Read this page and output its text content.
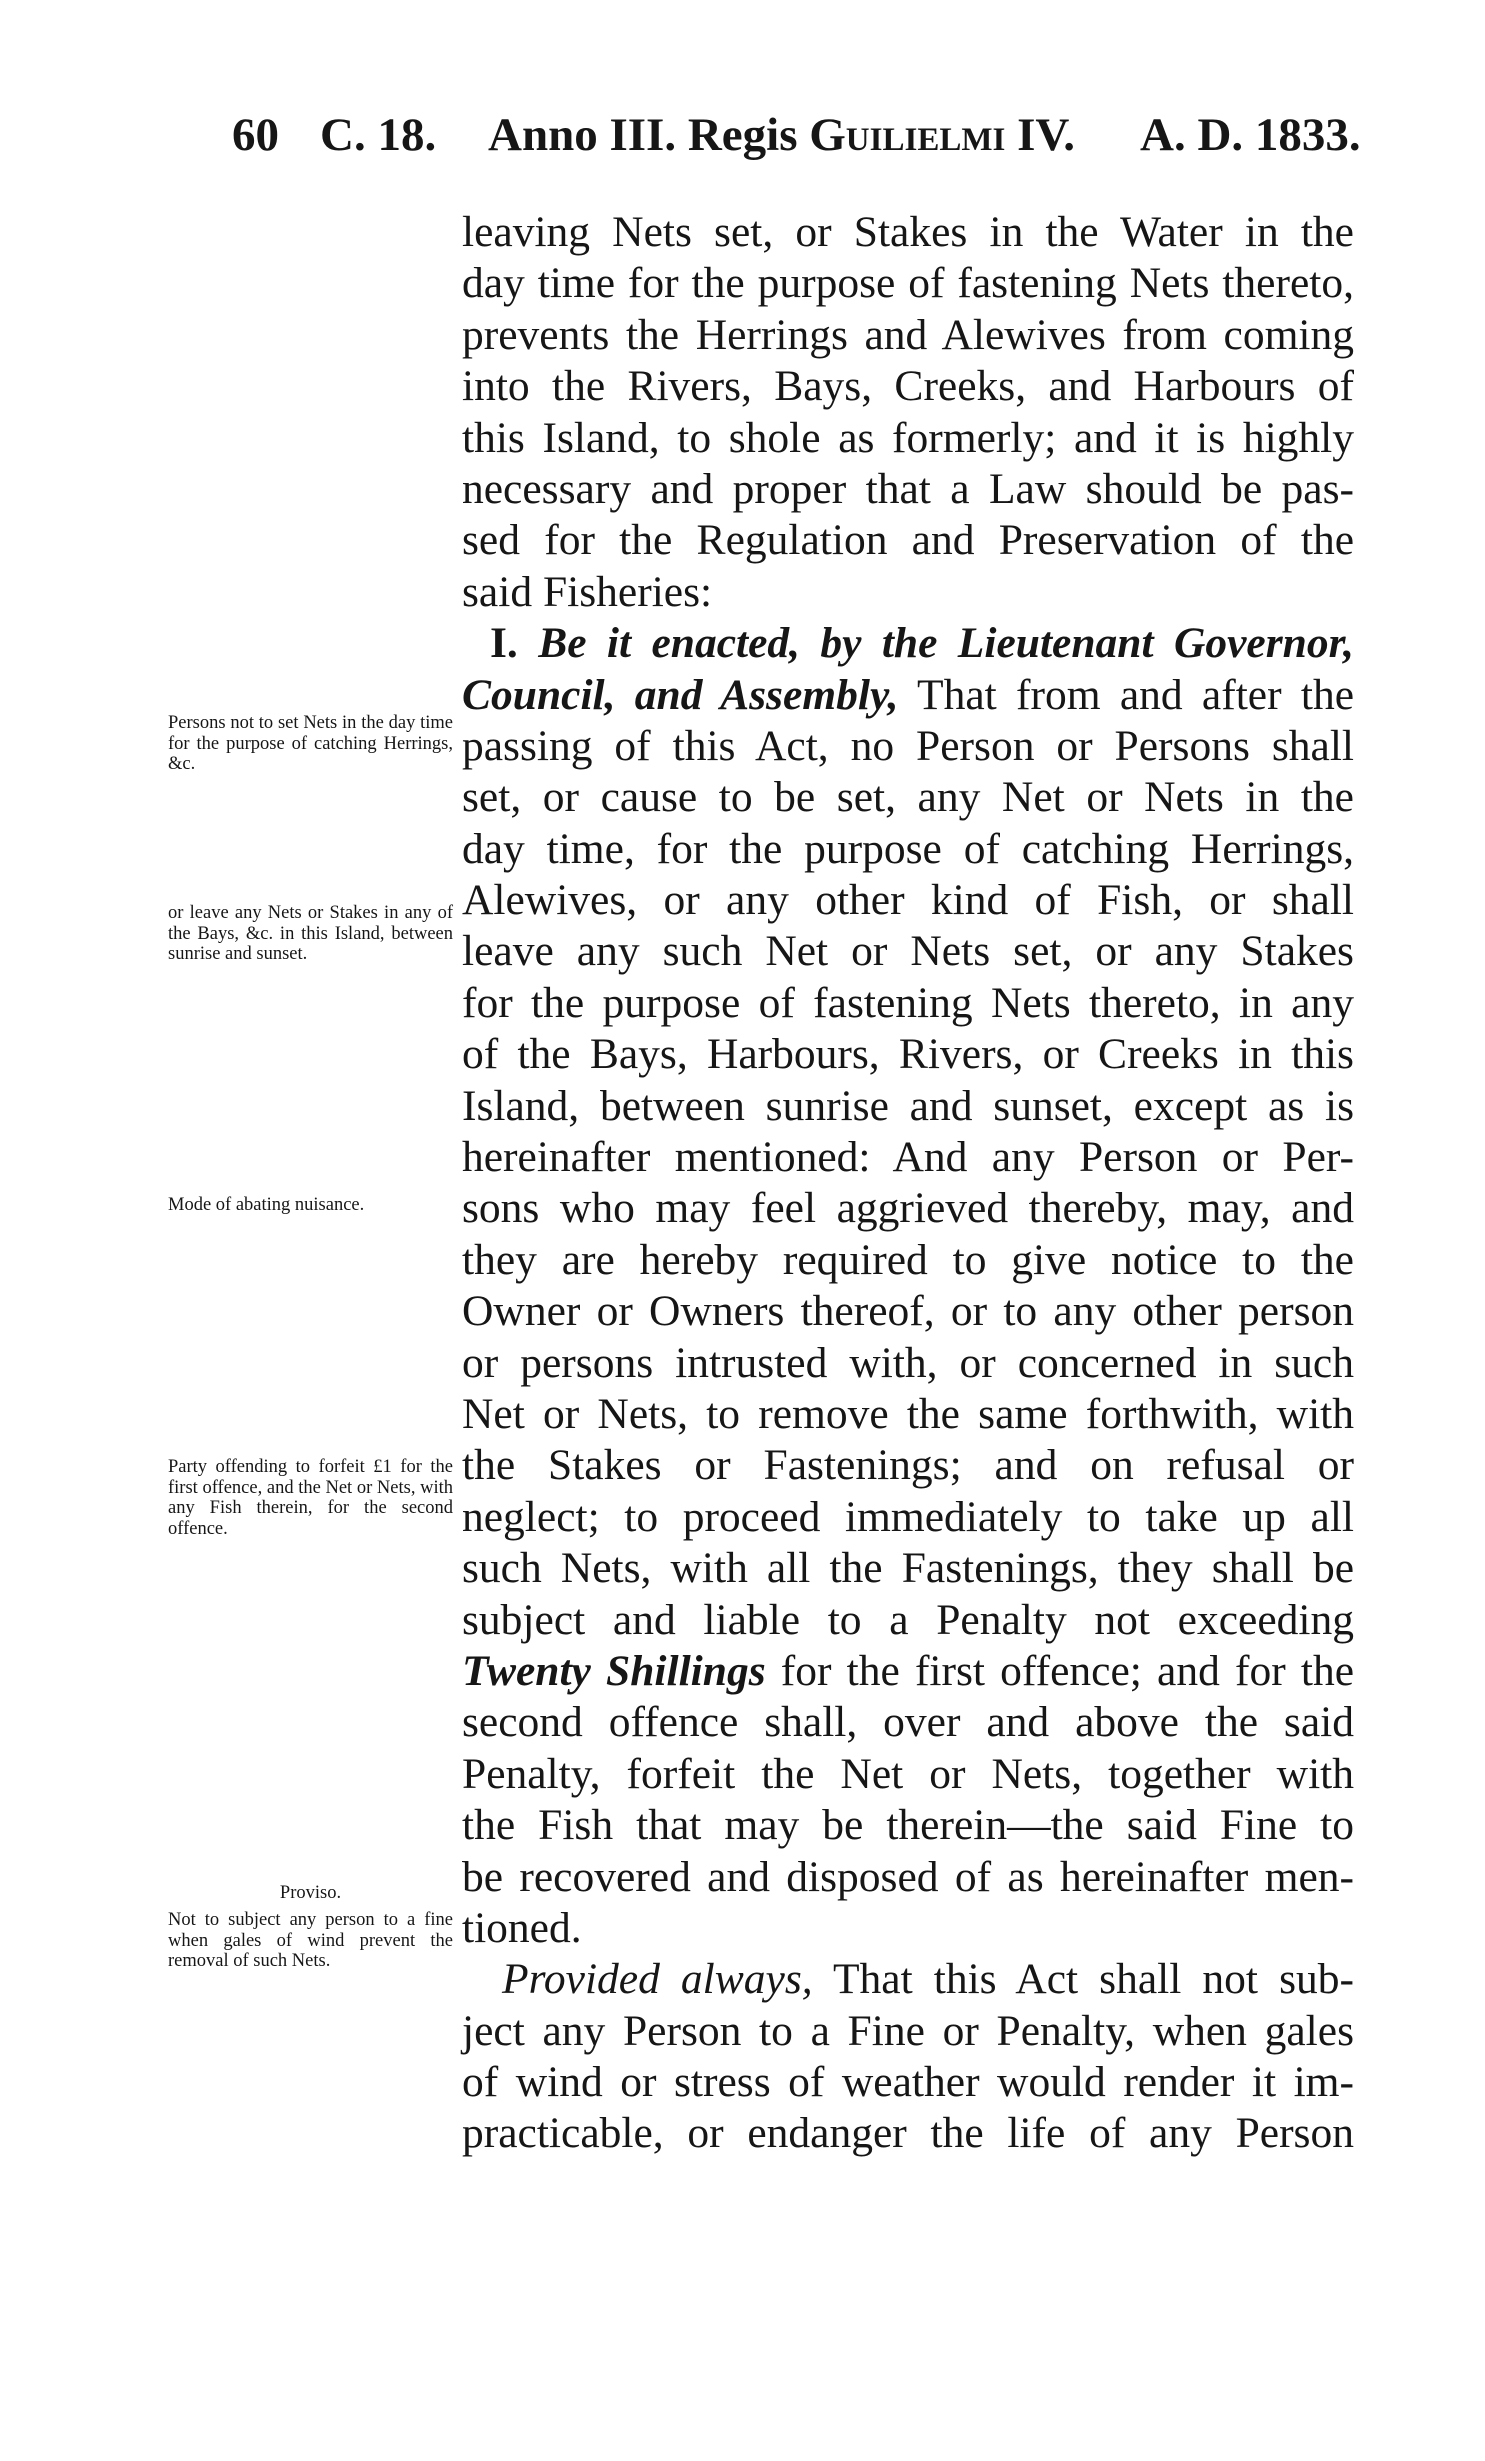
60 C. 18. Anno III. Regis Guilielmi IV. A. D. 1833.
leaving Nets set, or Stakes in the Water in the
day time for the purpose of fastening Nets thereto,
prevents the Herrings and Alewives from coming
into the Rivers, Bays, Creeks, and Harbours of
this Island, to shole as formerly; and it is highly
necessary and proper that a Law should be pas-
sed for the Regulation and Preservation of the
said Fisheries:
I. Be it enacted, by the Lieutenant Governor,
Council, and Assembly, That from and after the
passing of this Act, no Person or Persons shall
set, or cause to be set, any Net or Nets in the
day time, for the purpose of catching Herrings,
Alewives, or any other kind of Fish, or shall
leave any such Net or Nets set, or any Stakes
for the purpose of fastening Nets thereto, in any
of the Bays, Harbours, Rivers, or Creeks in this
Island, between sunrise and sunset, except as is
hereinafter mentioned: And any Person or Per-
sons who may feel aggrieved thereby, may, and
they are hereby required to give notice to the
Owner or Owners thereof, or to any other person
or persons intrusted with, or concerned in such
Net or Nets, to remove the same forthwith, with
the Stakes or Fastenings; and on refusal or
neglect; to proceed immediately to take up all
such Nets, with all the Fastenings, they shall be
subject and liable to a Penalty not exceeding
Twenty Shillings for the first offence; and for the
second offence shall, over and above the said
Penalty, forfeit the Net or Nets, together with
the Fish that may be therein—the said Fine to
be recovered and disposed of as hereinafter men-
tioned.
Provided always, That this Act shall not sub-
ject any Person to a Fine or Penalty, when gales
of wind or stress of weather would render it im-
practicable, or endanger the life of any Person
Persons not to set Nets in the day time for the purpose of catching Herrings, &c.
or leave any Nets or Stakes in any of the Bays, &c. in this Island, between sunrise and sunset.
Mode of abating nuisance.
Party offending to forfeit £1 for the first offence, and the Net or Nets, with any Fish therein, for the second offence.
Proviso.
Not to subject any person to a fine when gales of wind prevent the removal of such Nets.
